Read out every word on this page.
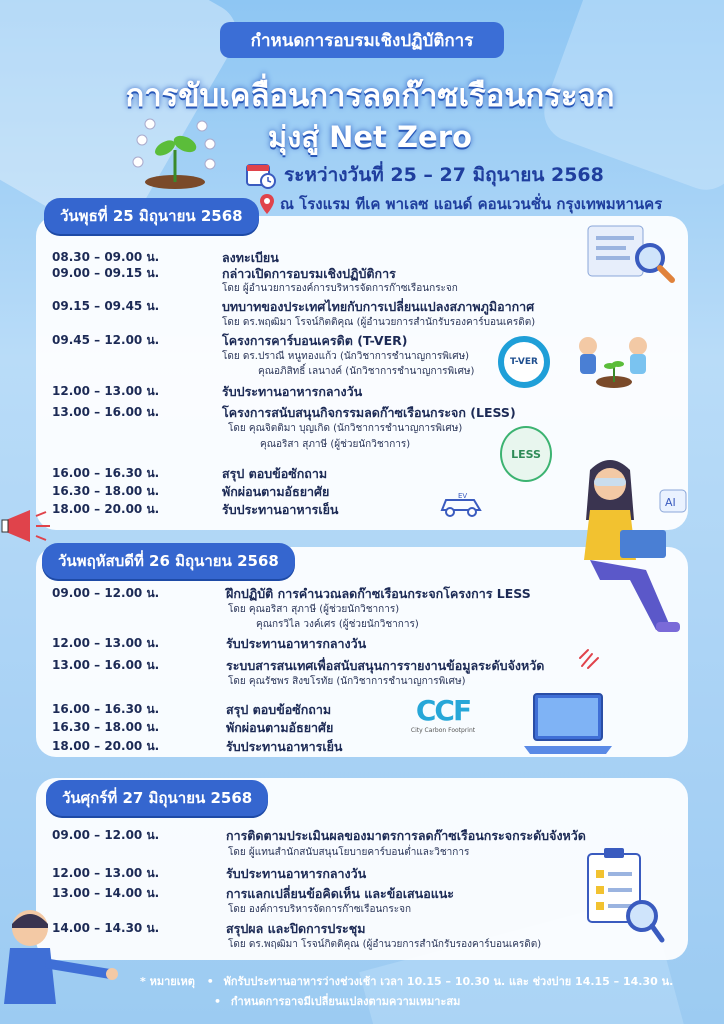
กำหนดการอบรมเชิงปฏิบัติการ
การขับเคลื่อนการลดก๊าซเรือนกระจก
มุ่งสู่ Net Zero
ระหว่างวันที่ 25 – 27 มิถุนายน 2568
ณ โรงแรม ทีเค พาเลซ แอนด์ คอนเวนชั่น กรุงเทพมหานคร
วันพุธที่ 25 มิถุนายน 2568
วันพฤหัสบดีที่ 26 มิถุนายน 2568
วันศุกร์ที่ 27 มิถุนายน 2568
08.30 – 09.00 น.	ลงทะเบียน
09.00 – 09.15 น.	กล่าวเปิดการอบรมเชิงปฏิบัติการ
โดย ผู้อำนวยการองค์การบริหารจัดการก๊าซเรือนกระจก
09.15 – 09.45 น.	บทบาทของประเทศไทยกับการเปลี่ยนแปลงสภาพภูมิอากาศ
โดย ดร.พฤฒิมา โรจน์กิตติคุณ (ผู้อำนวยการสำนักรับรองคาร์บอนเครดิต)
09.45 – 12.00 น.	โครงการคาร์บอนเครดิต (T-VER)
โดย ดร.ปราณี หนูทองแก้ว (นักวิชาการชำนาญการพิเศษ)
คุณอภิสิทธิ์ เลนางค์ (นักวิชาการชำนาญการพิเศษ)
12.00 – 13.00 น.	รับประทานอาหารกลางวัน
13.00 – 16.00 น.	โครงการสนับสนุนกิจกรรมลดก๊าซเรือนกระจก (LESS)
โดย คุณจิตติมา บุญเกิด (นักวิชาการชำนาญการพิเศษ)
คุณอริสา สุภาษี (ผู้ช่วยนักวิชาการ)
16.00 – 16.30 น.	สรุป ตอบข้อซักถาม
16.30 – 18.00 น.	พักผ่อนตามอัธยาศัย
18.00 – 20.00 น.	รับประทานอาหารเย็น
09.00 – 12.00 น.	ฝึกปฏิบัติ การคำนวณลดก๊าซเรือนกระจกโครงการ LESS
โดย คุณอริสา สุภาษี (ผู้ช่วยนักวิชาการ)
คุณกรวิไล วงค์เศร (ผู้ช่วยนักวิชาการ)
12.00 – 13.00 น.	รับประทานอาหารกลางวัน
13.00 – 16.00 น.	ระบบสารสนเทศเพื่อสนับสนุนการรายงานข้อมูลระดับจังหวัด
โดย คุณรัชพร สิงขโรทัย (นักวิชาการชำนาญการพิเศษ)
16.00 – 16.30 น.	สรุป ตอบข้อซักถาม
16.30 – 18.00 น.	พักผ่อนตามอัธยาศัย
18.00 – 20.00 น.	รับประทานอาหารเย็น
09.00 – 12.00 น.	การติดตามประเมินผลของมาตรการลดก๊าซเรือนกระจกระดับจังหวัด
โดย ผู้แทนสำนักสนับสนุนโยบายคาร์บอนต่ำและวิชาการ
12.00 – 13.00 น.	รับประทานอาหารกลางวัน
13.00 – 14.00 น.	การแลกเปลี่ยนข้อคิดเห็น และข้อเสนอแนะ
โดย องค์การบริหารจัดการก๊าซเรือนกระจก
14.00 – 14.30 น.	สรุปผล และปิดการประชุม
โดย ดร.พฤฒิมา โรจน์กิตติคุณ (ผู้อำนวยการสำนักรับรองคาร์บอนเครดิต)
T-VER
LESS
EV	AI
CCF
City Carbon Footprint
* หมายเหตุ • พักรับประทานอาหารว่างช่วงเช้า เวลา 10.15 – 10.30 น. และ ช่วงบ่าย 14.15 – 14.30 น.
• กำหนดการอาจมีเปลี่ยนแปลงตามความเหมาะสม
